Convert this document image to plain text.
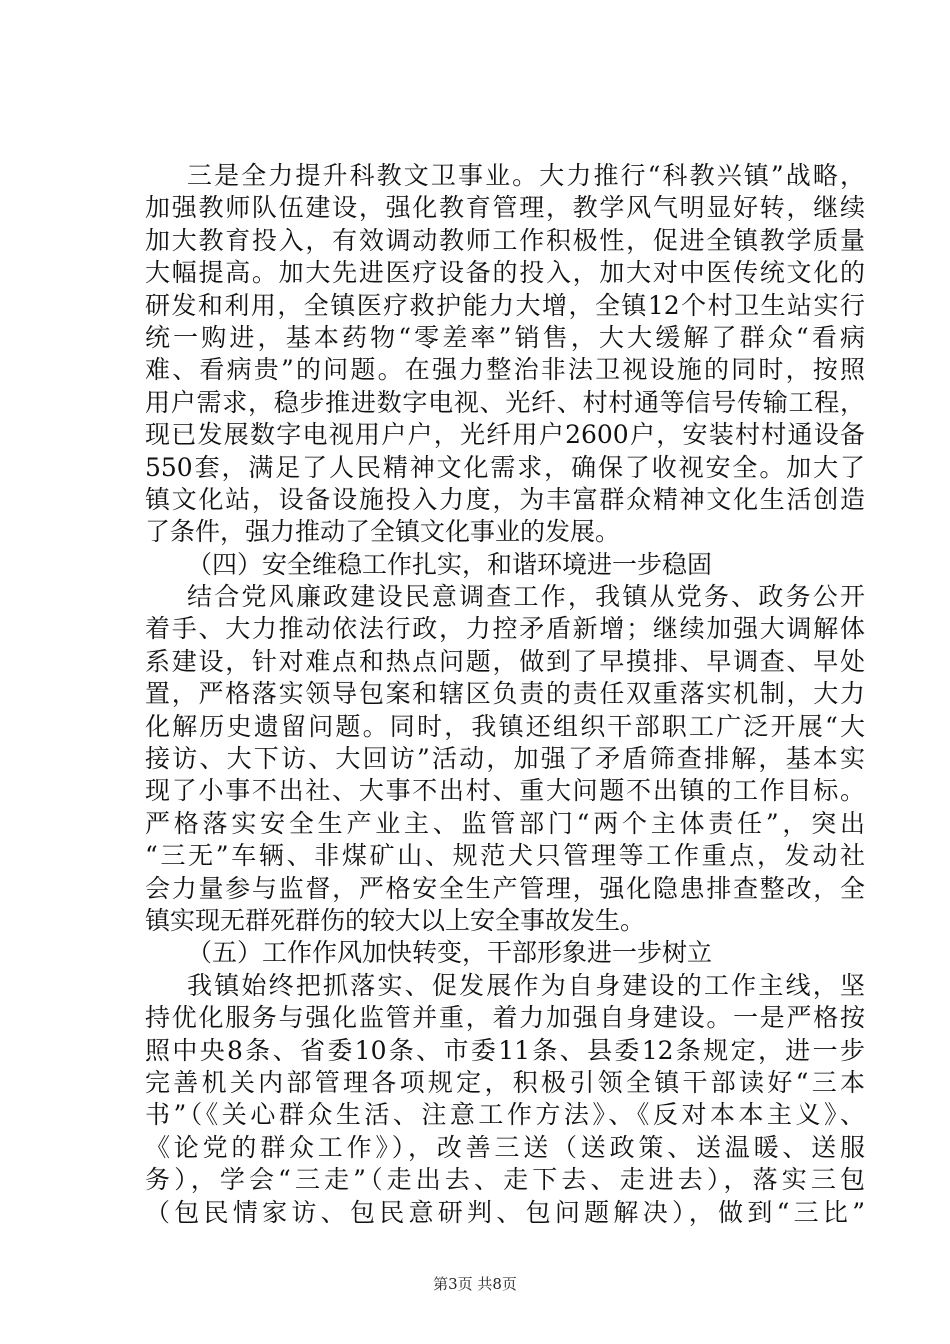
三是全力提升科教文卫事业。大力推行“科教兴镇”战略，
加强教师队伍建设，强化教育管理，教学风气明显好转，继续
加大教育投入，有效调动教师工作积极性，促进全镇教学质量
大幅提高。加大先进医疗设备的投入，加大对中医传统文化的
研发和利用，全镇医疗救护能力大增，全镇12个村卫生站实行
统一购进，基本药物“零差率”销售，大大缓解了群众“看病
难、看病贵”的问题。在强力整治非法卫视设施的同时，按照
用户需求，稳步推进数字电视、光纤、村村通等信号传输工程，
现已发展数字电视用户户，光纤用户2600户，安装村村通设备
550套，满足了人民精神文化需求，确保了收视安全。加大了
镇文化站，设备设施投入力度，为丰富群众精神文化生活创造
了条件，强力推动了全镇文化事业的发展。
（四）安全维稳工作扎实，和谐环境进一步稳固
结合党风廉政建设民意调查工作，我镇从党务、政务公开
着手、大力推动依法行政，力控矛盾新增；继续加强大调解体
系建设，针对难点和热点问题，做到了早摸排、早调查、早处
置，严格落实领导包案和辖区负责的责任双重落实机制，大力
化解历史遗留问题。同时，我镇还组织干部职工广泛开展“大
接访、大下访、大回访”活动，加强了矛盾筛查排解，基本实
现了小事不出社、大事不出村、重大问题不出镇的工作目标。
严格落实安全生产业主、监管部门“两个主体责任”，突出
“三无”车辆、非煤矿山、规范犬只管理等工作重点，发动社
会力量参与监督，严格安全生产管理，强化隐患排查整改，全
镇实现无群死群伤的较大以上安全事故发生。
（五）工作作风加快转变，干部形象进一步树立
我镇始终把抓落实、促发展作为自身建设的工作主线，坚
持优化服务与强化监管并重，着力加强自身建设。一是严格按
照中央8条、省委10条、市委11条、县委12条规定，进一步
完善机关内部管理各项规定，积极引领全镇干部读好“三本
书”（《关心群众生活、注意工作方法》、《反对本本主义》、
《论党的群众工作》），改善三送（送政策、送温暖、送服
务），学会“三走”（走出去、走下去、走进去），落实三包
（包民情家访、包民意研判、包问题解决），做到“三比”
第3页 共8页
